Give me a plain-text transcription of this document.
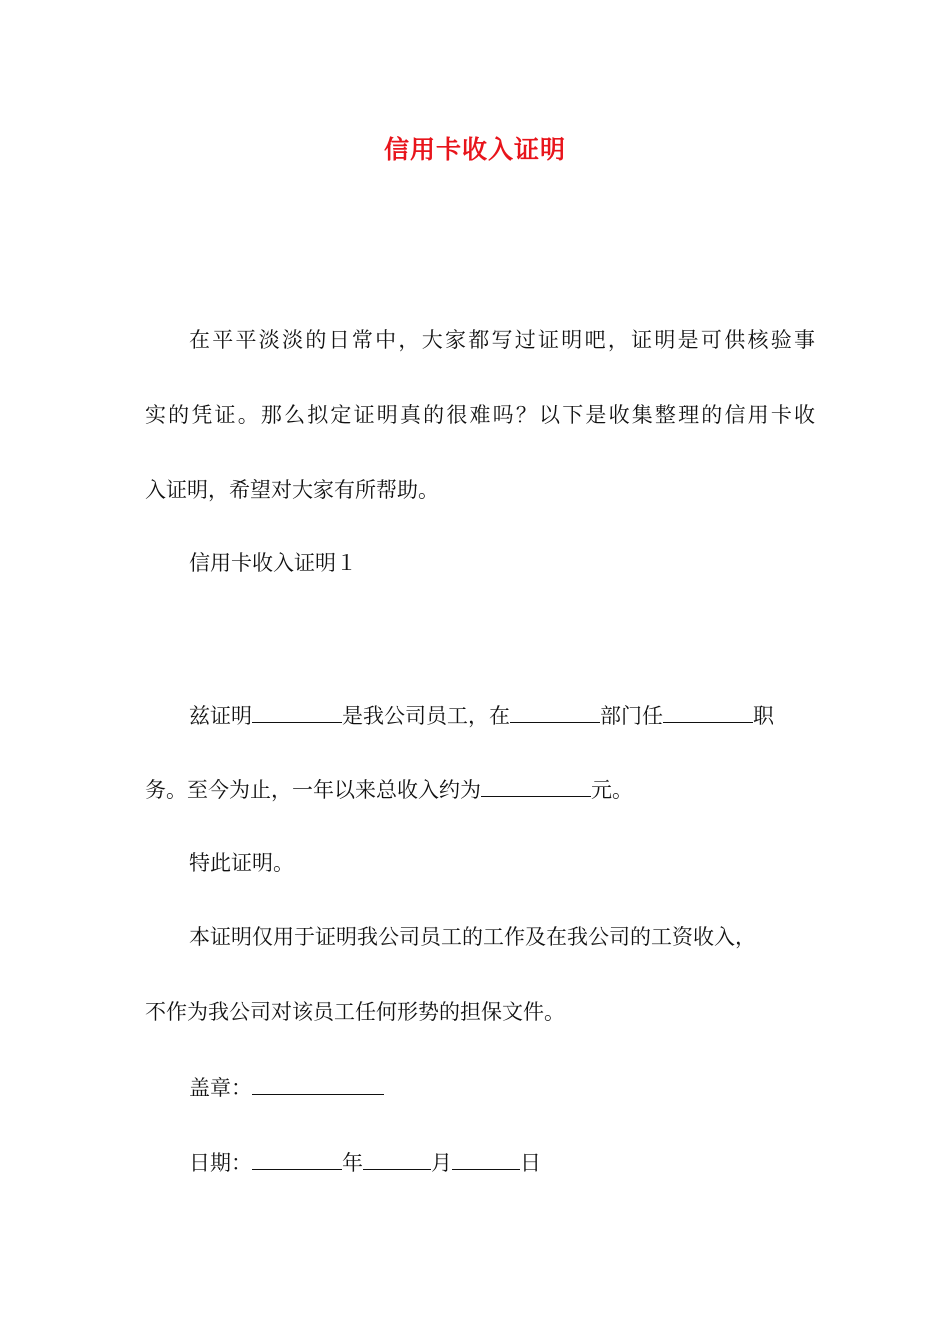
信用卡收入证明
在平平淡淡的日常中，大家都写过证明吧，证明是可供核验事
实的凭证。那么拟定证明真的很难吗？以下是收集整理的信用卡收
入证明，希望对大家有所帮助。
信用卡收入证明１
兹证明	是我公司员工，在	部门任	职
务。至今为止，一年以来总收入约为	元。
特此证明。
本证明仅用于证明我公司员工的工作及在我公司的工资收入，
不作为我公司对该员工任何形势的担保文件。
盖章：
日期：	年	月	日
